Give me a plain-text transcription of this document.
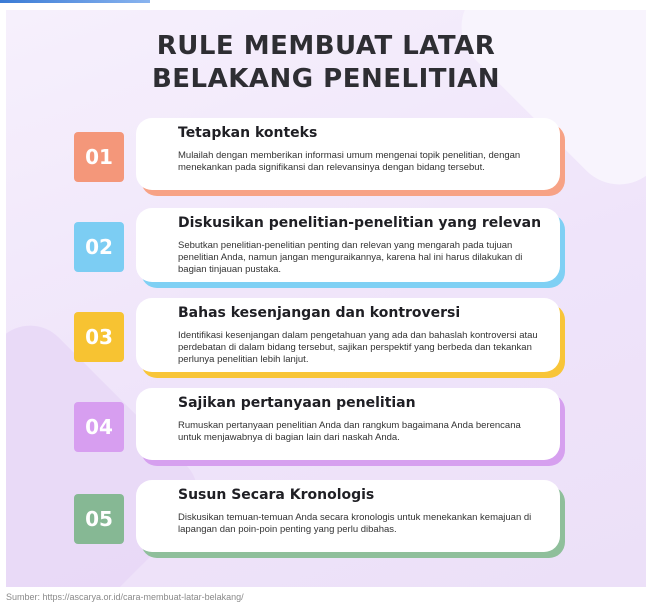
RULE MEMBUAT LATAR
BELAKANG PENELITIAN
01
Tetapkan konteks
Mulailah dengan memberikan informasi umum mengenai topik penelitian, dengan menekankan pada signifikansi dan relevansinya dengan bidang tersebut.
02
Diskusikan penelitian-penelitian yang relevan
Sebutkan penelitian-penelitian penting dan relevan yang mengarah pada tujuan penelitian Anda, namun jangan menguraikannya, karena hal ini harus dilakukan di bagian tinjauan pustaka.
03
Bahas kesenjangan dan kontroversi
Identifikasi kesenjangan dalam pengetahuan yang ada dan bahaslah kontroversi atau perdebatan di dalam bidang tersebut, sajikan perspektif yang berbeda dan tekankan perlunya penelitian lebih lanjut.
04
Sajikan pertanyaan penelitian
Rumuskan pertanyaan penelitian Anda dan rangkum bagaimana Anda berencana untuk menjawabnya di bagian lain dari naskah Anda.
05
Susun Secara Kronologis
Diskusikan temuan-temuan Anda secara kronologis untuk menekankan kemajuan di lapangan dan poin-poin penting yang perlu dibahas.
Sumber: https://ascarya.or.id/cara-membuat-latar-belakang/
